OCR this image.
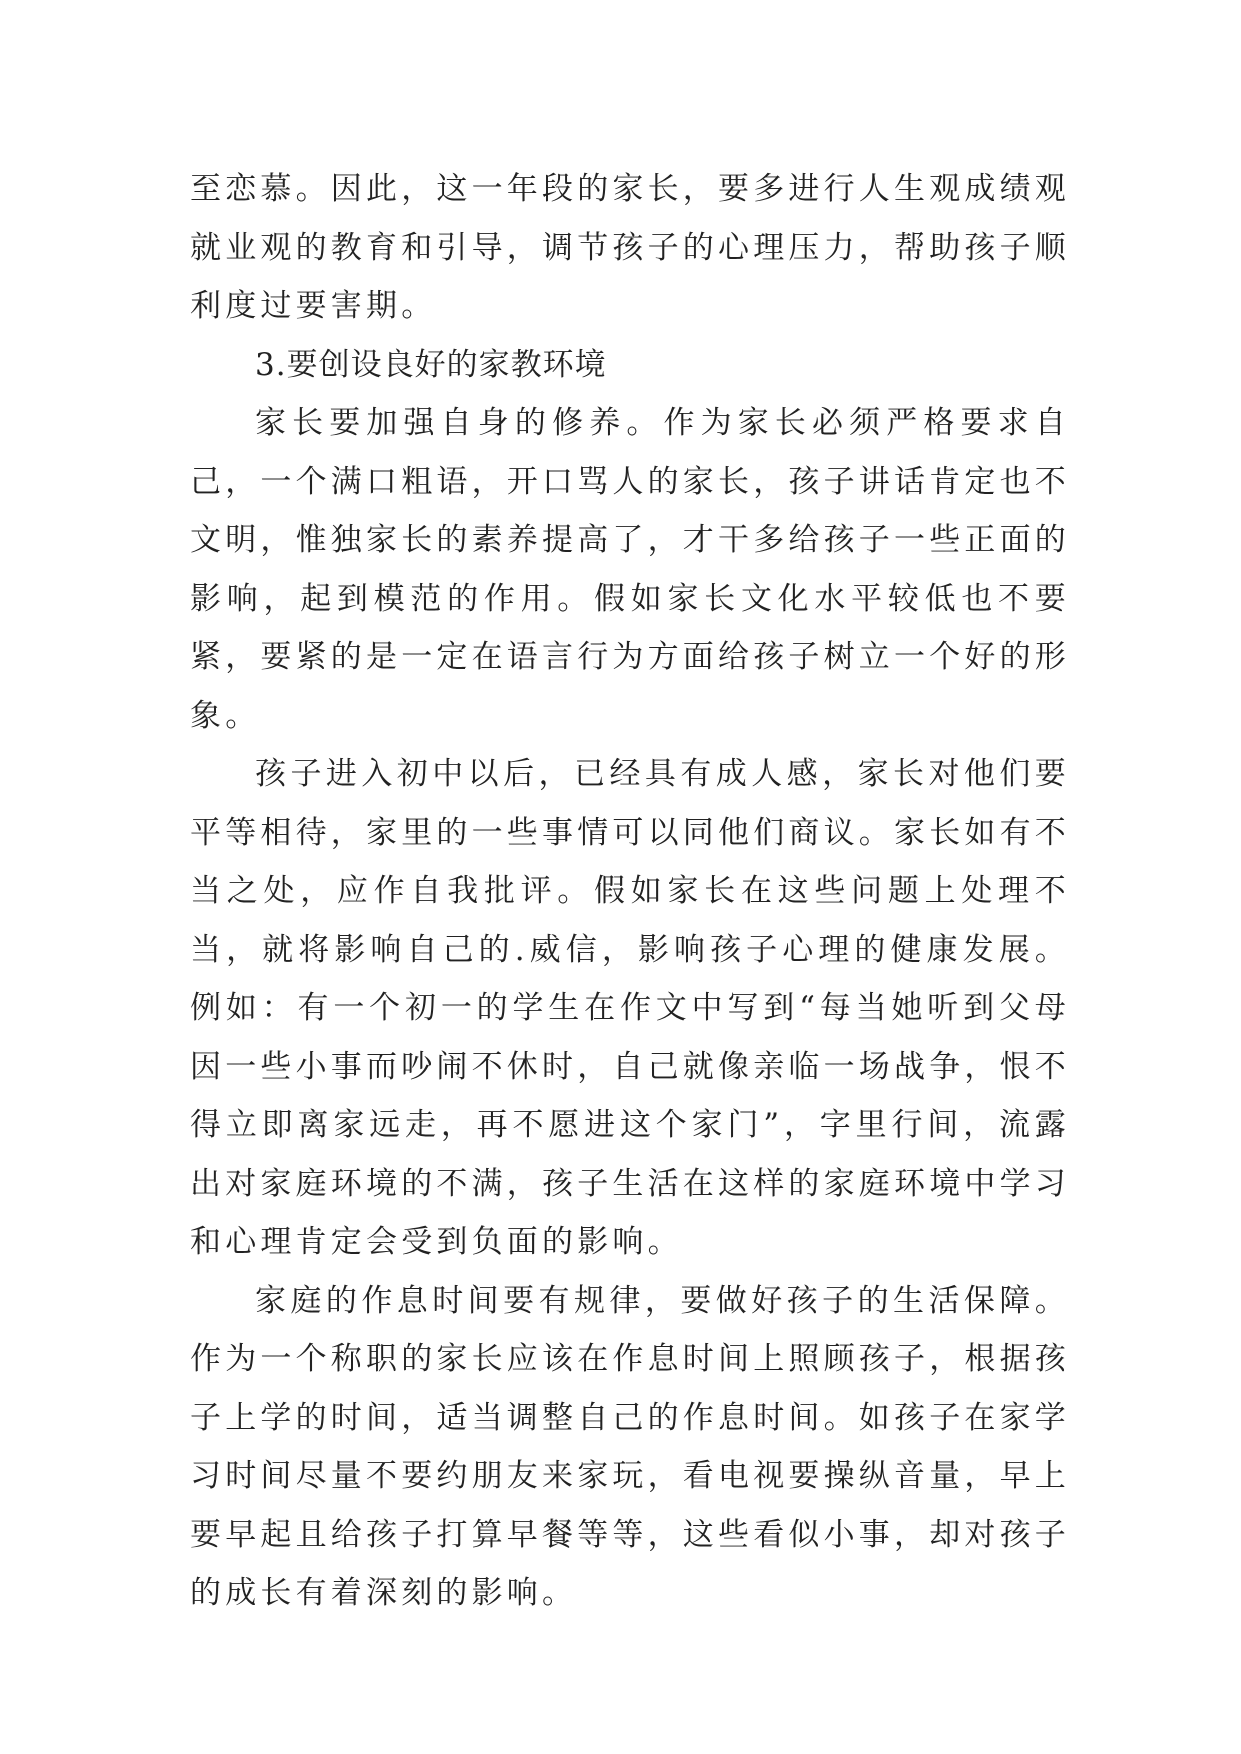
至恋慕。因此，这一年段的家长，要多进行人生观成绩观就业观的教育和引导，调节孩子的心理压力，帮助孩子顺利度过要害期。

3.要创设良好的家教环境

家长要加强自身的修养。作为家长必须严格要求自己，一个满口粗语，开口骂人的家长，孩子讲话肯定也不文明，惟独家长的素养提高了，才干多给孩子一些正面的影响，起到模范的作用。假如家长文化水平较低也不要紧，要紧的是一定在语言行为方面给孩子树立一个好的形象。

孩子进入初中以后，已经具有成人感，家长对他们要平等相待，家里的一些事情可以同他们商议。家长如有不当之处，应作自我批评。假如家长在这些问题上处理不当，就将影响自己的.威信，影响孩子心理的健康发展。例如：有一个初一的学生在作文中写到“每当她听到父母因一些小事而吵闹不休时，自己就像亲临一场战争，恨不得立即离家远走，再不愿进这个家门”，字里行间，流露出对家庭环境的不满，孩子生活在这样的家庭环境中学习和心理肯定会受到负面的影响。

家庭的作息时间要有规律，要做好孩子的生活保障。作为一个称职的家长应该在作息时间上照顾孩子，根据孩子上学的时间，适当调整自己的作息时间。如孩子在家学习时间尽量不要约朋友来家玩，看电视要操纵音量，早上要早起且给孩子打算早餐等等，这些看似小事，却对孩子的成长有着深刻的影响。
